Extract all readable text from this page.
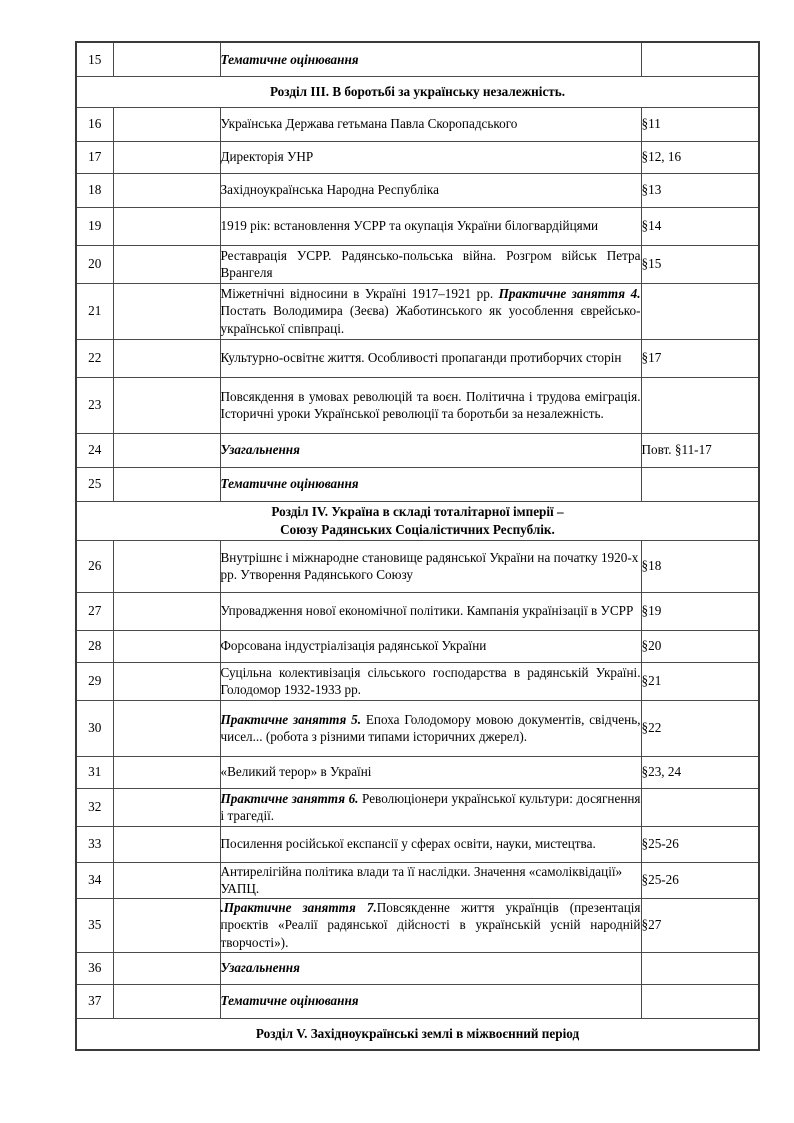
15		Тематичне оцінювання	
Розділ III. В боротьбі за українську незалежність.			
16		Українська Держава гетьмана Павла Скоропадського	§11
17		Директорія УНР	§12, 16
18		Західноукраїнська Народна Республіка	§13
19		1919 рік: встановлення УСРР та окупація України білогвардійцями	§14
20		Реставрація УСРР. Радянсько-польська війна. Розгром військ Петра Врангеля	§15
21		Міжетнічні відносини в Україні 1917–1921 рр. Практичне заняття 4. Постать Володимира (Зеєва) Жаботинського як уособлення єврейсько-української співпраці.	
22		Культурно-освітнє життя. Особливості пропаганди протиборчих сторін	§17
23		Повсякдення в умовах революцій та воєн. Політична і трудова еміграція. Історичні уроки Української революції та боротьби за незалежність.	
24		Узагальнення	Повт. §11-17
25		Тематичне оцінювання	

Розділ IV. Україна в складі тоталітарної імперії –
Союзу Радянських Соціалістичних Республік.			

26		Внутрішнє і міжнародне становище радянської України на початку 1920-х рр. Утворення Радянського Союзу	§18
27		Упровадження нової економічної політики. Кампанія українізації в УСРР	§19
28		Форсована індустріалізація радянської України	§20
29		Суцільна колективізація сільського господарства в радянській Україні. Голодомор 1932-1933 рр.	§21
30		Практичне заняття 5. Епоха Голодомору мовою документів, свідчень, чисел... (робота з різними типами історичних джерел).	§22
31		«Великий терор» в Україні	§23, 24
32		Практичне заняття 6. Революціонери української культури: досягнення і трагедії.	
33		Посилення російської експансії у сферах освіти, науки, мистецтва.	§25-26
34		Антирелігійна політика влади та її наслідки. Значення «самоліквідації» УАПЦ.	§25-26
35		.Практичне заняття 7.Повсякденне життя українців (презентація проєктів «Реалії радянської дійсності в українській усній народній творчості»).	§27
36		Узагальнення	
37		Тематичне оцінювання	
Розділ V. Західноукраїнські землі в міжвоєнний період			
